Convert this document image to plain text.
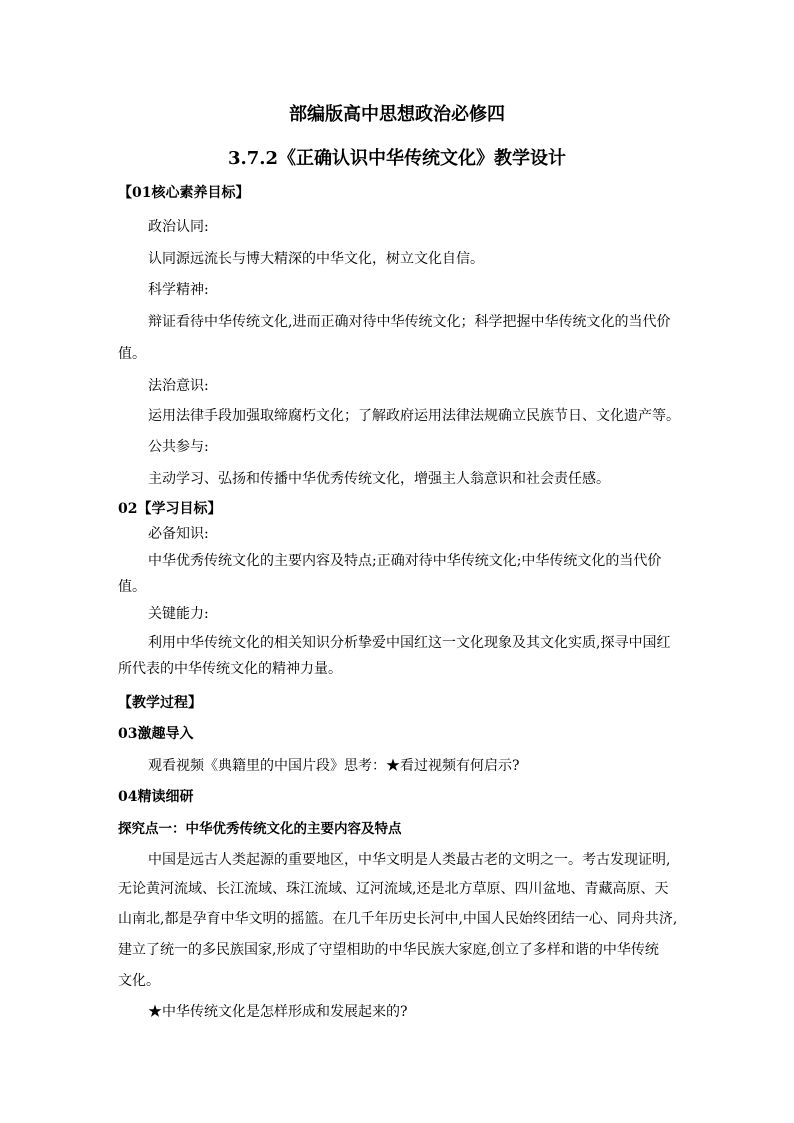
部编版高中思想政治必修四
3.7.2《正确认识中华传统文化》教学设计
【01核心素养目标】
政治认同:
认同源远流长与博大精深的中华文化，树立文化自信。
科学精神:
辩证看待中华传统文化,进而正确对待中华传统文化；科学把握中华传统文化的当代价
值。
法治意识:
运用法律手段加强取缔腐朽文化；了解政府运用法律法规确立民族节日、文化遗产等。
公共参与:
主动学习、弘扬和传播中华优秀传统文化，增强主人翁意识和社会责任感。
02【学习目标】
必备知识:
中华优秀传统文化的主要内容及特点;正确对待中华传统文化;中华传统文化的当代价
值。
关键能力:
利用中华传统文化的相关知识分析挚爱中国红这一文化现象及其文化实质,探寻中国红
所代表的中华传统文化的精神力量。
【教学过程】
03激趣导入
观看视频《典籍里的中国片段》思考：★看过视频有何启示?
04精读细研
探究点一：中华优秀传统文化的主要内容及特点
中国是远古人类起源的重要地区，中华文明是人类最古老的文明之一。考古发现证明,
无论黄河流域、长江流域、珠江流域、辽河流域,还是北方草原、四川盆地、青藏高原、天
山南北,都是孕育中华文明的摇篮。在几千年历史长河中,中国人民始终团结一心、同舟共济,
建立了统一的多民族国家,形成了守望相助的中华民族大家庭,创立了多样和谐的中华传统
文化。
★中华传统文化是怎样形成和发展起来的?
